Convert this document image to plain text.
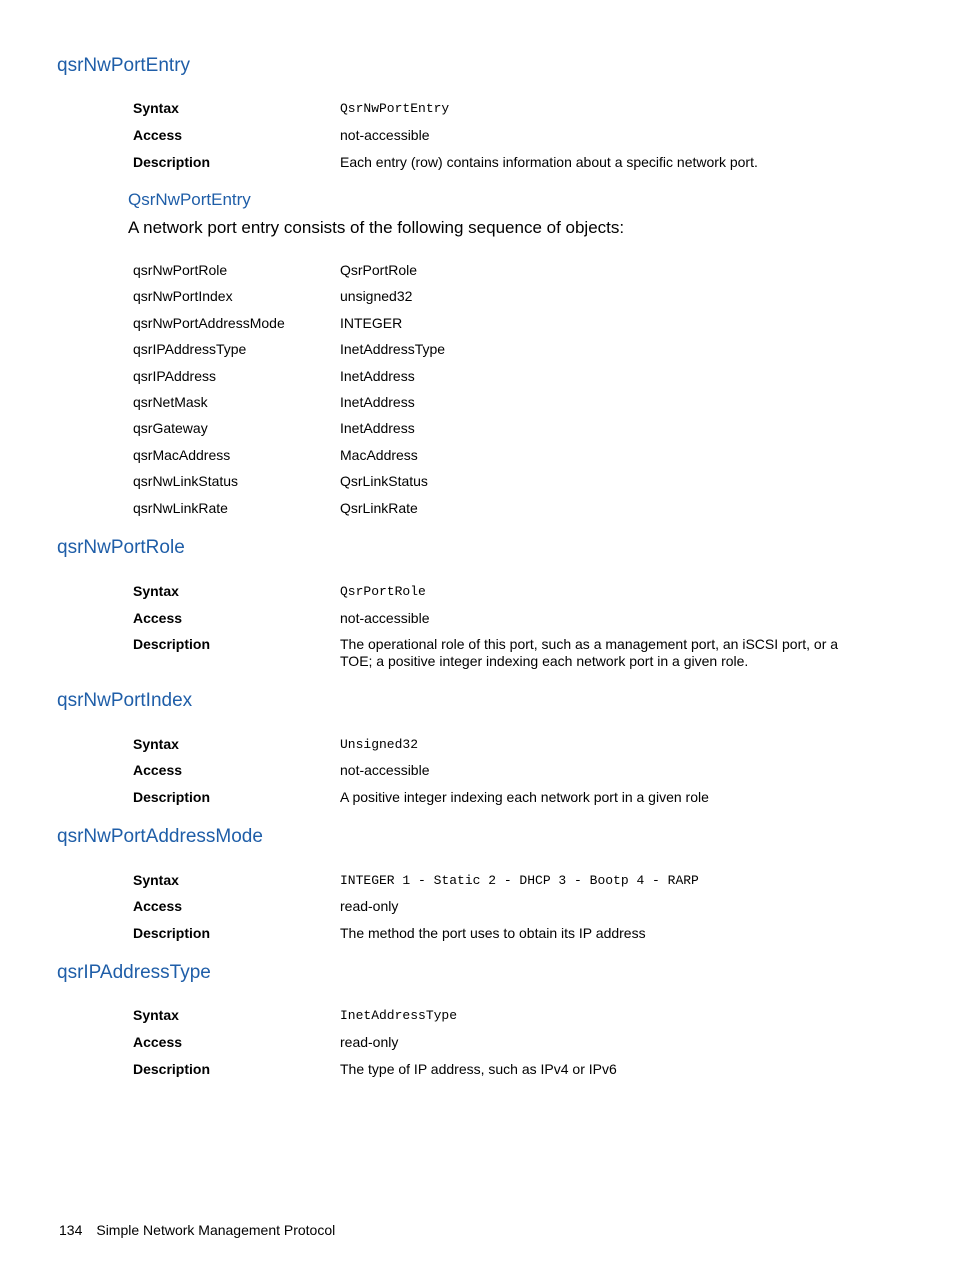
qsrNwPortEntry
Syntax	QsrNwPortEntry
Access	not-accessible
Description	Each entry (row) contains information about a specific network port.
QsrNwPortEntry

A network port entry consists of the following sequence of objects:

qsrNwPortRole	QsrPortRole
qsrNwPortIndex	unsigned32
qsrNwPortAddressMode	INTEGER
qsrIPAddressType	InetAddressType
qsrIPAddress	InetAddress
qsrNetMask	InetAddress
qsrGateway	InetAddress
qsrMacAddress	MacAddress
qsrNwLinkStatus	QsrLinkStatus
qsrNwLinkRate	QsrLinkRate
qsrNwPortRole
Syntax	QsrPortRole
Access	not-accessible
Description	The operational role of this port, such as a management port, an iSCSI port, or a TOE; a positive integer indexing each network port in a given role.
qsrNwPortIndex
Syntax	Unsigned32
Access	not-accessible
Description	A positive integer indexing each network port in a given role
qsrNwPortAddressMode
Syntax	INTEGER 1 - Static 2 - DHCP 3 - Bootp 4 - RARP
Access	read-only
Description	The method the port uses to obtain its IP address
qsrIPAddressType
Syntax	InetAddressType
Access	read-only
Description	The type of IP address, such as IPv4 or IPv6
134 Simple Network Management Protocol
